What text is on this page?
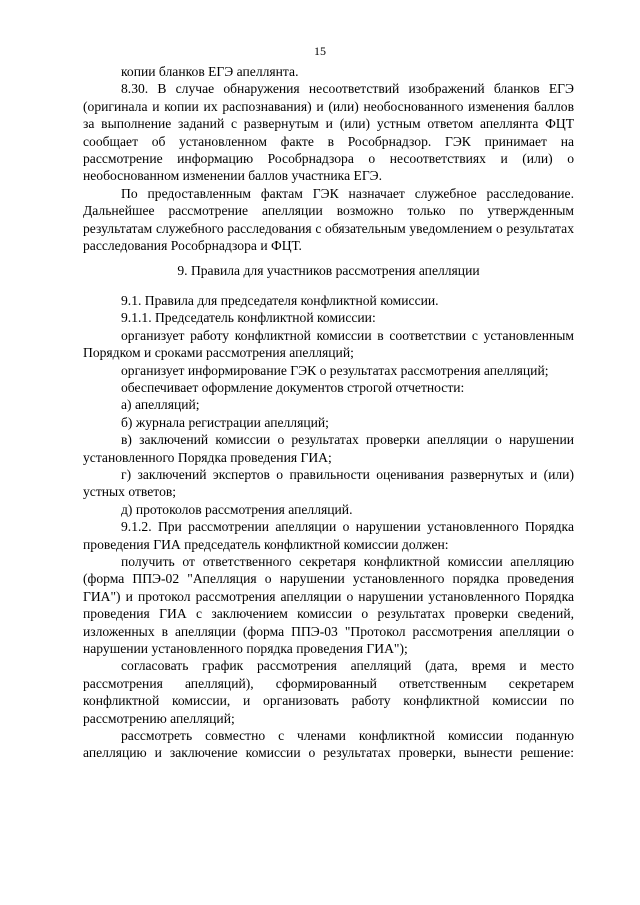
15

копии бланков ЕГЭ апеллянта.

8.30. В случае обнаружения несоответствий изображений бланков ЕГЭ (оригинала и копии их распознавания) и (или) необоснованного изменения баллов за выполнение заданий с развернутым и (или) устным ответом апеллянта ФЦТ сообщает об установленном факте в Рособрнадзор. ГЭК принимает на рассмотрение информацию Рособрнадзора о несоответствиях и (или) о необоснованном изменении баллов участника ЕГЭ.

По предоставленным фактам ГЭК назначает служебное расследование. Дальнейшее рассмотрение апелляции возможно только по утвержденным результатам служебного расследования с обязательным уведомлением о результатах расследования Рособрнадзора и ФЦТ.

9. Правила для участников рассмотрения апелляции

9.1. Правила для председателя конфликтной комиссии.

9.1.1. Председатель конфликтной комиссии:

организует работу конфликтной комиссии в соответствии с установленным Порядком и сроками рассмотрения апелляций;

организует информирование ГЭК о результатах рассмотрения апелляций;

обеспечивает оформление документов строгой отчетности:

а) апелляций;

б) журнала регистрации апелляций;

в) заключений комиссии о результатах проверки апелляции о нарушении установленного Порядка проведения ГИА;

г) заключений экспертов о правильности оценивания развернутых и (или) устных ответов;

д) протоколов рассмотрения апелляций.

9.1.2. При рассмотрении апелляции о нарушении установленного Порядка проведения ГИА председатель конфликтной комиссии должен:

получить от ответственного секретаря конфликтной комиссии апелляцию (форма ППЭ-02 "Апелляция о нарушении установленного порядка проведения ГИА") и протокол рассмотрения апелляции о нарушении установленного Порядка проведения ГИА с заключением комиссии о результатах проверки сведений, изложенных в апелляции (форма ППЭ-03 "Протокол рассмотрения апелляции о нарушении установленного порядка проведения ГИА");

согласовать график рассмотрения апелляций (дата, время и место рассмотрения апелляций), сформированный ответственным секретарем конфликтной комиссии, и организовать работу конфликтной комиссии по рассмотрению апелляций;

рассмотреть совместно с членами конфликтной комиссии поданную апелляцию и заключение комиссии о результатах проверки, вынести решение:
